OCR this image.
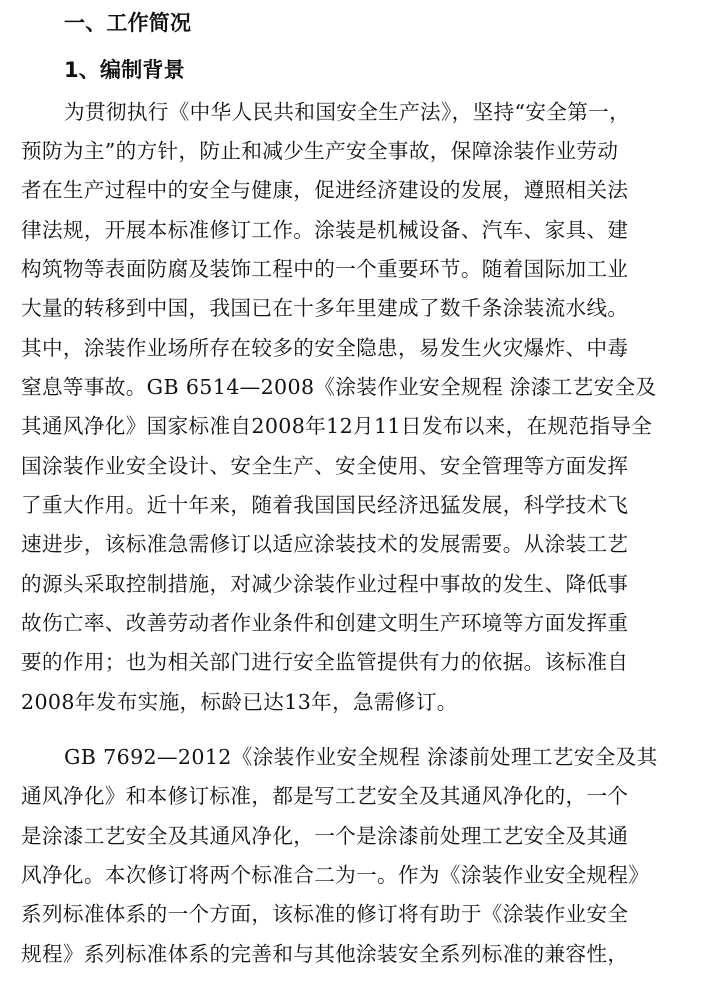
一、工作简况
1、编制背景
为贯彻执行《中华人民共和国安全生产法》，坚持“安全第一，
预防为主”的方针，防止和减少生产安全事故，保障涂装作业劳动
者在生产过程中的安全与健康，促进经济建设的发展，遵照相关法
律法规，开展本标准修订工作。涂装是机械设备、汽车、家具、建
构筑物等表面防腐及装饰工程中的一个重要环节。随着国际加工业
大量的转移到中国，我国已在十多年里建成了数千条涂装流水线。
其中，涂装作业场所存在较多的安全隐患，易发生火灾爆炸、中毒
窒息等事故。GB 6514—2008《涂装作业安全规程 涂漆工艺安全及
其通风净化》国家标准自2008年12月11日发布以来，在规范指导全
国涂装作业安全设计、安全生产、安全使用、安全管理等方面发挥
了重大作用。近十年来，随着我国国民经济迅猛发展，科学技术飞
速进步，该标准急需修订以适应涂装技术的发展需要。从涂装工艺
的源头采取控制措施，对减少涂装作业过程中事故的发生、降低事
故伤亡率、改善劳动者作业条件和创建文明生产环境等方面发挥重
要的作用；也为相关部门进行安全监管提供有力的依据。该标准自
2008年发布实施，标龄已达13年，急需修订。
GB 7692—2012《涂装作业安全规程 涂漆前处理工艺安全及其
通风净化》和本修订标准，都是写工艺安全及其通风净化的，一个
是涂漆工艺安全及其通风净化，一个是涂漆前处理工艺安全及其通
风净化。本次修订将两个标准合二为一。作为《涂装作业安全规程》
系列标准体系的一个方面，该标准的修订将有助于《涂装作业安全
规程》系列标准体系的完善和与其他涂装安全系列标准的兼容性，
